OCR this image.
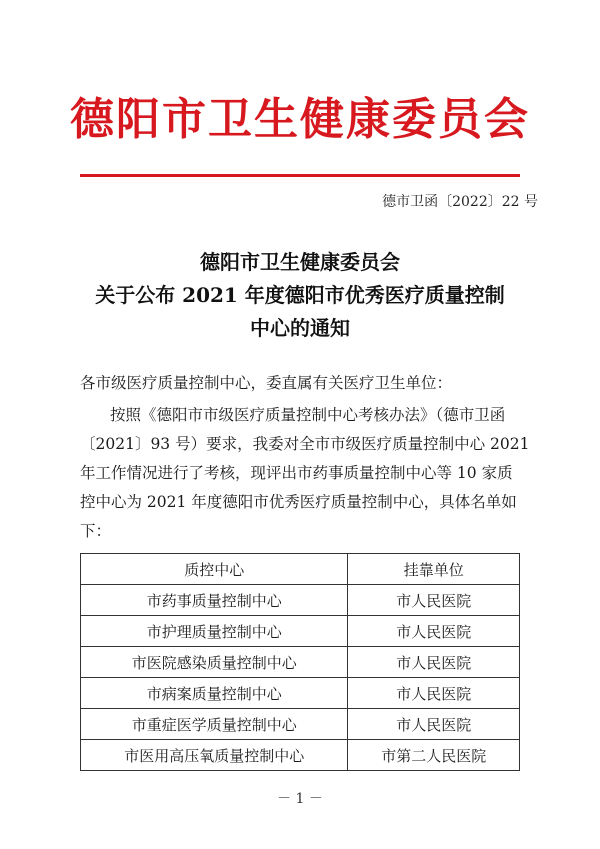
德阳市卫生健康委员会
德市卫函〔2022〕22 号
德阳市卫生健康委员会
关于公布 2021 年度德阳市优秀医疗质量控制
中心的通知
各市级医疗质量控制中心，委直属有关医疗卫生单位：
按照《德阳市市级医疗质量控制中心考核办法》（德市卫函
〔2021〕93 号）要求，我委对全市市级医疗质量控制中心 2021
年工作情况进行了考核，现评出市药事质量控制中心等 10 家质
控中心为 2021 年度德阳市优秀医疗质量控制中心，具体名单如
下：
质控中心	挂靠单位
市药事质量控制中心	市人民医院
市护理质量控制中心	市人民医院
市医院感染质量控制中心	市人民医院
市病案质量控制中心	市人民医院
市重症医学质量控制中心	市人民医院
市医用高压氧质量控制中心	市第二人民医院
－ 1 －
